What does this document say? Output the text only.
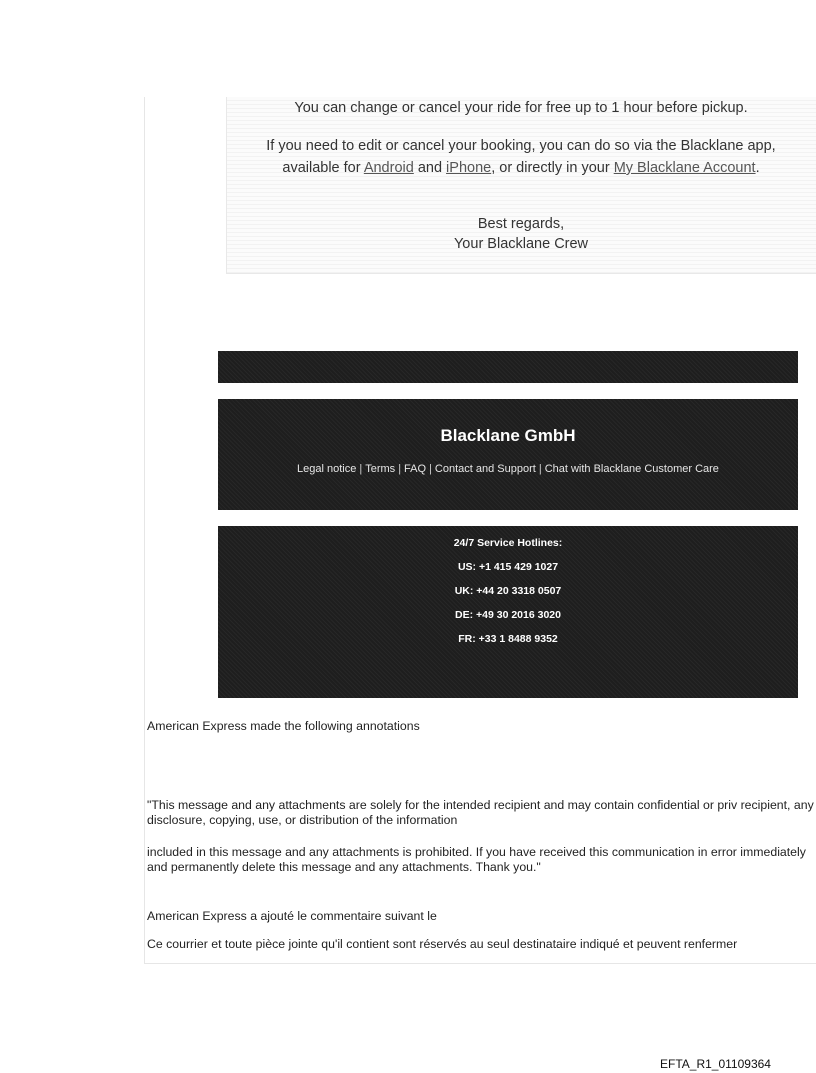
You can change or cancel your ride for free up to 1 hour before pickup.
If you need to edit or cancel your booking, you can do so via the Blacklane app,
available for Android and iPhone, or directly in your My Blacklane Account.
Best regards,
Your Blacklane Crew
Blacklane GmbH
Legal notice | Terms | FAQ | Contact and Support | Chat with Blacklane Customer Care
24/7 Service Hotlines:
US: +1 415 429 1027
UK: +44 20 3318 0507
DE: +49 30 2016 3020
FR: +33 1 8488 9352
American Express made the following annotations
"This message and any attachments are solely for the intended recipient and may contain confidential or priv recipient, any disclosure, copying, use, or distribution of the information
included in this message and any attachments is prohibited. If you have received this communication in error immediately and permanently delete this message and any attachments. Thank you."
American Express a ajouté le commentaire suivant le
Ce courrier et toute pièce jointe qu'il contient sont réservés au seul destinataire indiqué et peuvent renfermer
EFTA_R1_01109364
